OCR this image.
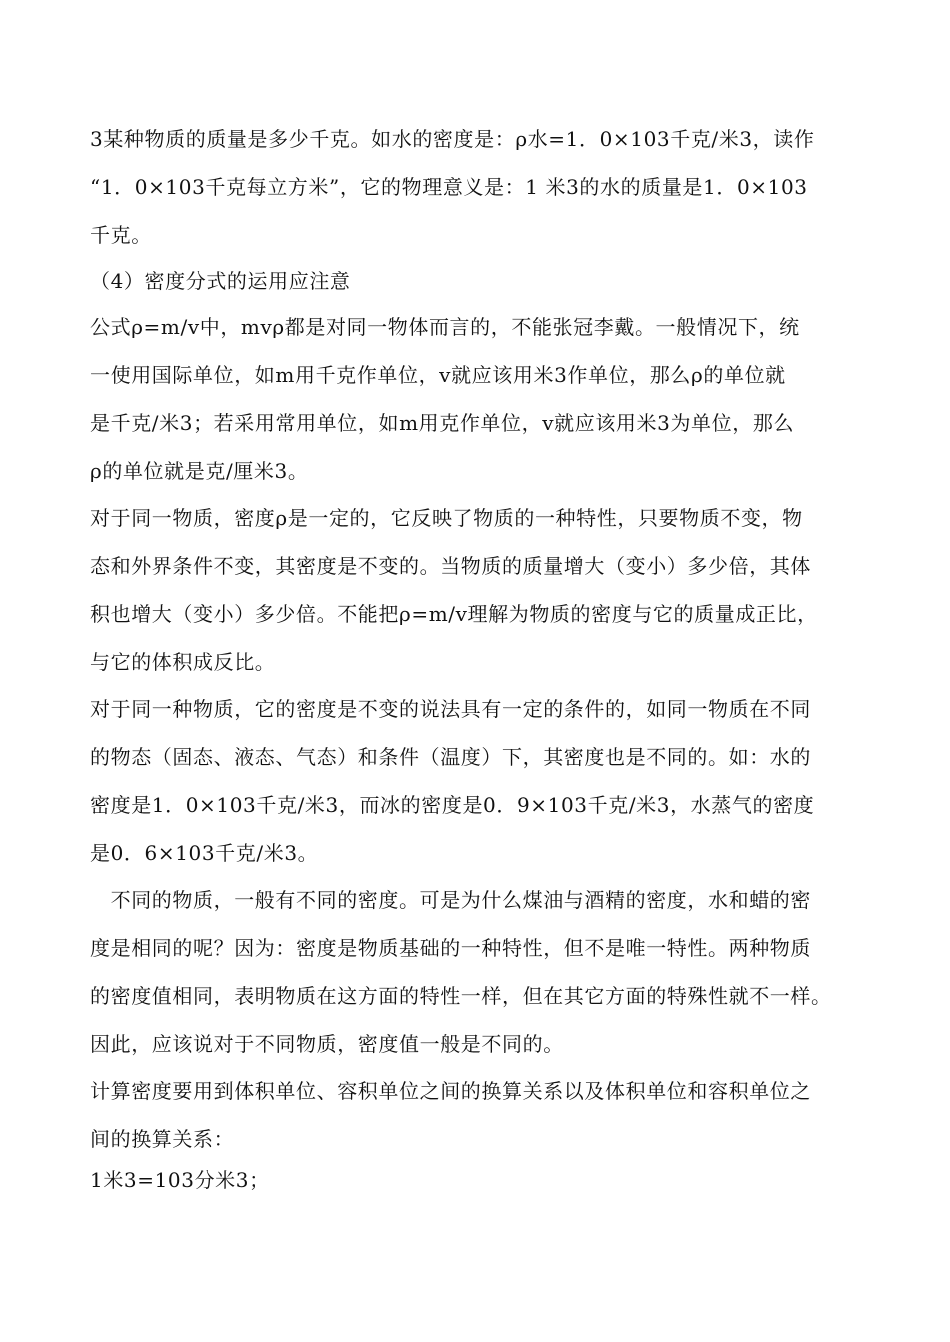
3某种物质的质量是多少千克。如水的密度是：ρ水=1．0×103千克/米3，读作
“1．0×103千克每立方米”，它的物理意义是：1 米3的水的质量是1．0×103
千克。
（4）密度分式的运用应注意
公式ρ=m/v中，mvρ都是对同一物体而言的，不能张冠李戴。一般情况下，统
一使用国际单位，如m用千克作单位，v就应该用米3作单位，那么ρ的单位就
是千克/米3；若采用常用单位，如m用克作单位，v就应该用米3为单位，那么
ρ的单位就是克/厘米3。
对于同一物质，密度ρ是一定的，它反映了物质的一种特性，只要物质不变，物
态和外界条件不变，其密度是不变的。当物质的质量增大（变小）多少倍，其体
积也增大（变小）多少倍。不能把ρ=m/v理解为物质的密度与它的质量成正比，
与它的体积成反比。
对于同一种物质，它的密度是不变的说法具有一定的条件的，如同一物质在不同
的物态（固态、液态、气态）和条件（温度）下，其密度也是不同的。如：水的
密度是1．0×103千克/米3，而冰的密度是0．9×103千克/米3，水蒸气的密度
是0．6×103千克/米3。
　不同的物质，一般有不同的密度。可是为什么煤油与酒精的密度，水和蜡的密
度是相同的呢？因为：密度是物质基础的一种特性，但不是唯一特性。两种物质
的密度值相同，表明物质在这方面的特性一样，但在其它方面的特殊性就不一样。
因此，应该说对于不同物质，密度值一般是不同的。
计算密度要用到体积单位、容积单位之间的换算关系以及体积单位和容积单位之
间的换算关系：
1米3=103分米3；
